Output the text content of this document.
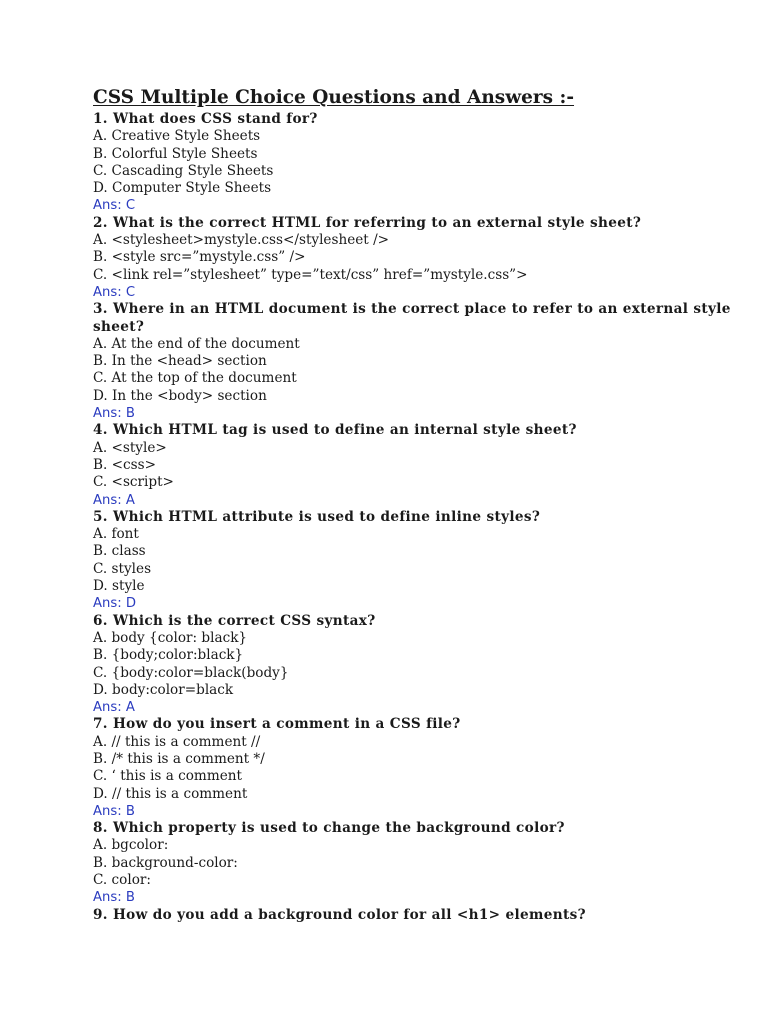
CSS Multiple Choice Questions and Answers :-
1. What does CSS stand for?
A. Creative Style Sheets
B. Colorful Style Sheets
C. Cascading Style Sheets
D. Computer Style Sheets
Ans: C
2. What is the correct HTML for referring to an external style sheet?
A. <stylesheet>mystyle.css</stylesheet />
B. <style src=”mystyle.css” />
C. <link rel=”stylesheet” type=”text/css” href=”mystyle.css”>
Ans: C
3. Where in an HTML document is the correct place to refer to an external style sheet?
A. At the end of the document
B. In the <head> section
C. At the top of the document
D. In the <body> section
Ans: B
4. Which HTML tag is used to define an internal style sheet?
A. <style>
B. <css>
C. <script>
Ans: A
5. Which HTML attribute is used to define inline styles?
A. font
B. class
C. styles
D. style
Ans: D
6. Which is the correct CSS syntax?
A. body {color: black}
B. {body;color:black}
C. {body:color=black(body}
D. body:color=black
Ans: A
7. How do you insert a comment in a CSS file?
A. // this is a comment //
B. /* this is a comment */
C. ‘ this is a comment
D. // this is a comment
Ans: B
8. Which property is used to change the background color?
A. bgcolor:
B. background-color:
C. color:
Ans: B
9. How do you add a background color for all <h1> elements?
